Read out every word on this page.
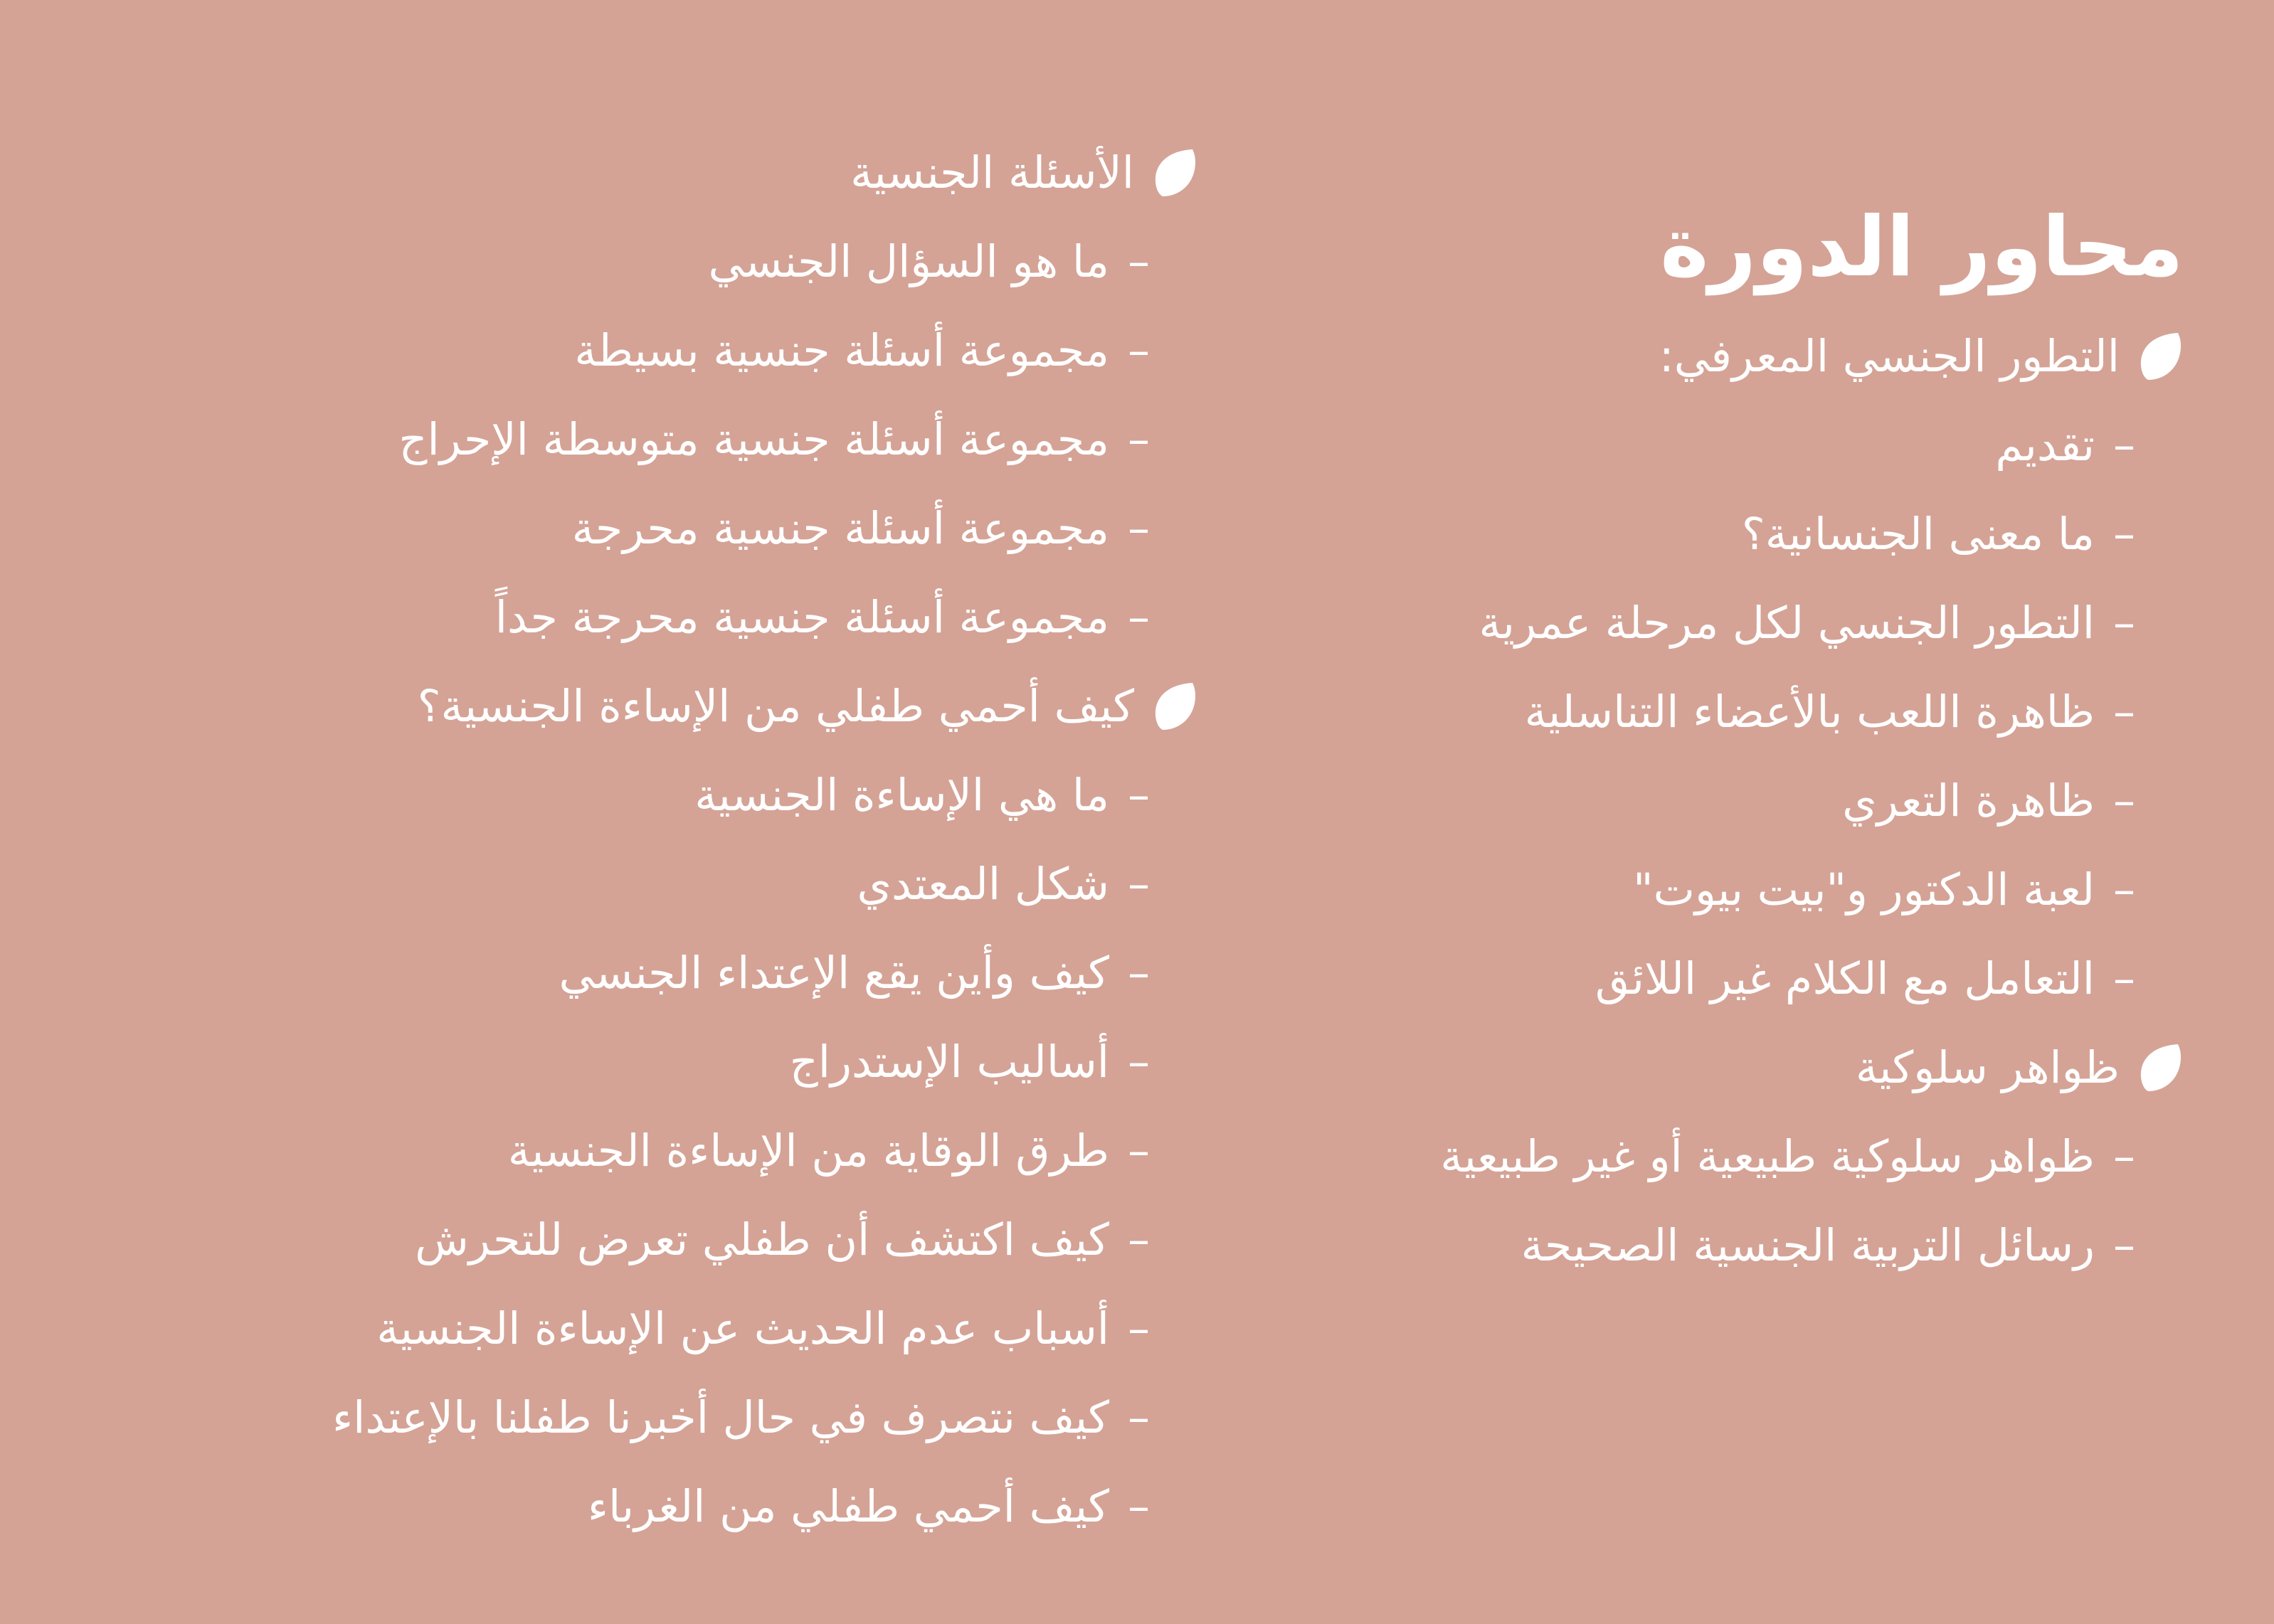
محاور الدورة
التطور الجنسي المعرفي:
–تقديم
–ما معنى الجنسانية؟
–التطور الجنسي لكل مرحلة عمرية
–ظاهرة اللعب بالأعضاء التناسلية
–ظاهرة التعري
–لعبة الدكتور و"بيت بيوت"
–التعامل مع الكلام غير اللائق
ظواهر سلوكية
–ظواهر سلوكية طبيعية أو غير طبيعية
–رسائل التربية الجنسية الصحيحة
الأسئلة الجنسية
–ما هو السؤال الجنسي
–مجموعة أسئلة جنسية بسيطة
–مجموعة أسئلة جنسية متوسطة الإحراج
–مجموعة أسئلة جنسية محرجة
–مجموعة أسئلة جنسية محرجة جداً
كيف أحمي طفلي من الإساءة الجنسية؟
–ما هي الإساءة الجنسية
–شكل المعتدي
–كيف وأين يقع الإعتداء الجنسي
–أساليب الإستدراج
–طرق الوقاية من الإساءة الجنسية
–كيف اكتشف أن طفلي تعرض للتحرش
–أسباب عدم الحديث عن الإساءة الجنسية
–كيف نتصرف في حال أخبرنا طفلنا بالإعتداء
–كيف أحمي طفلي من الغرباء
